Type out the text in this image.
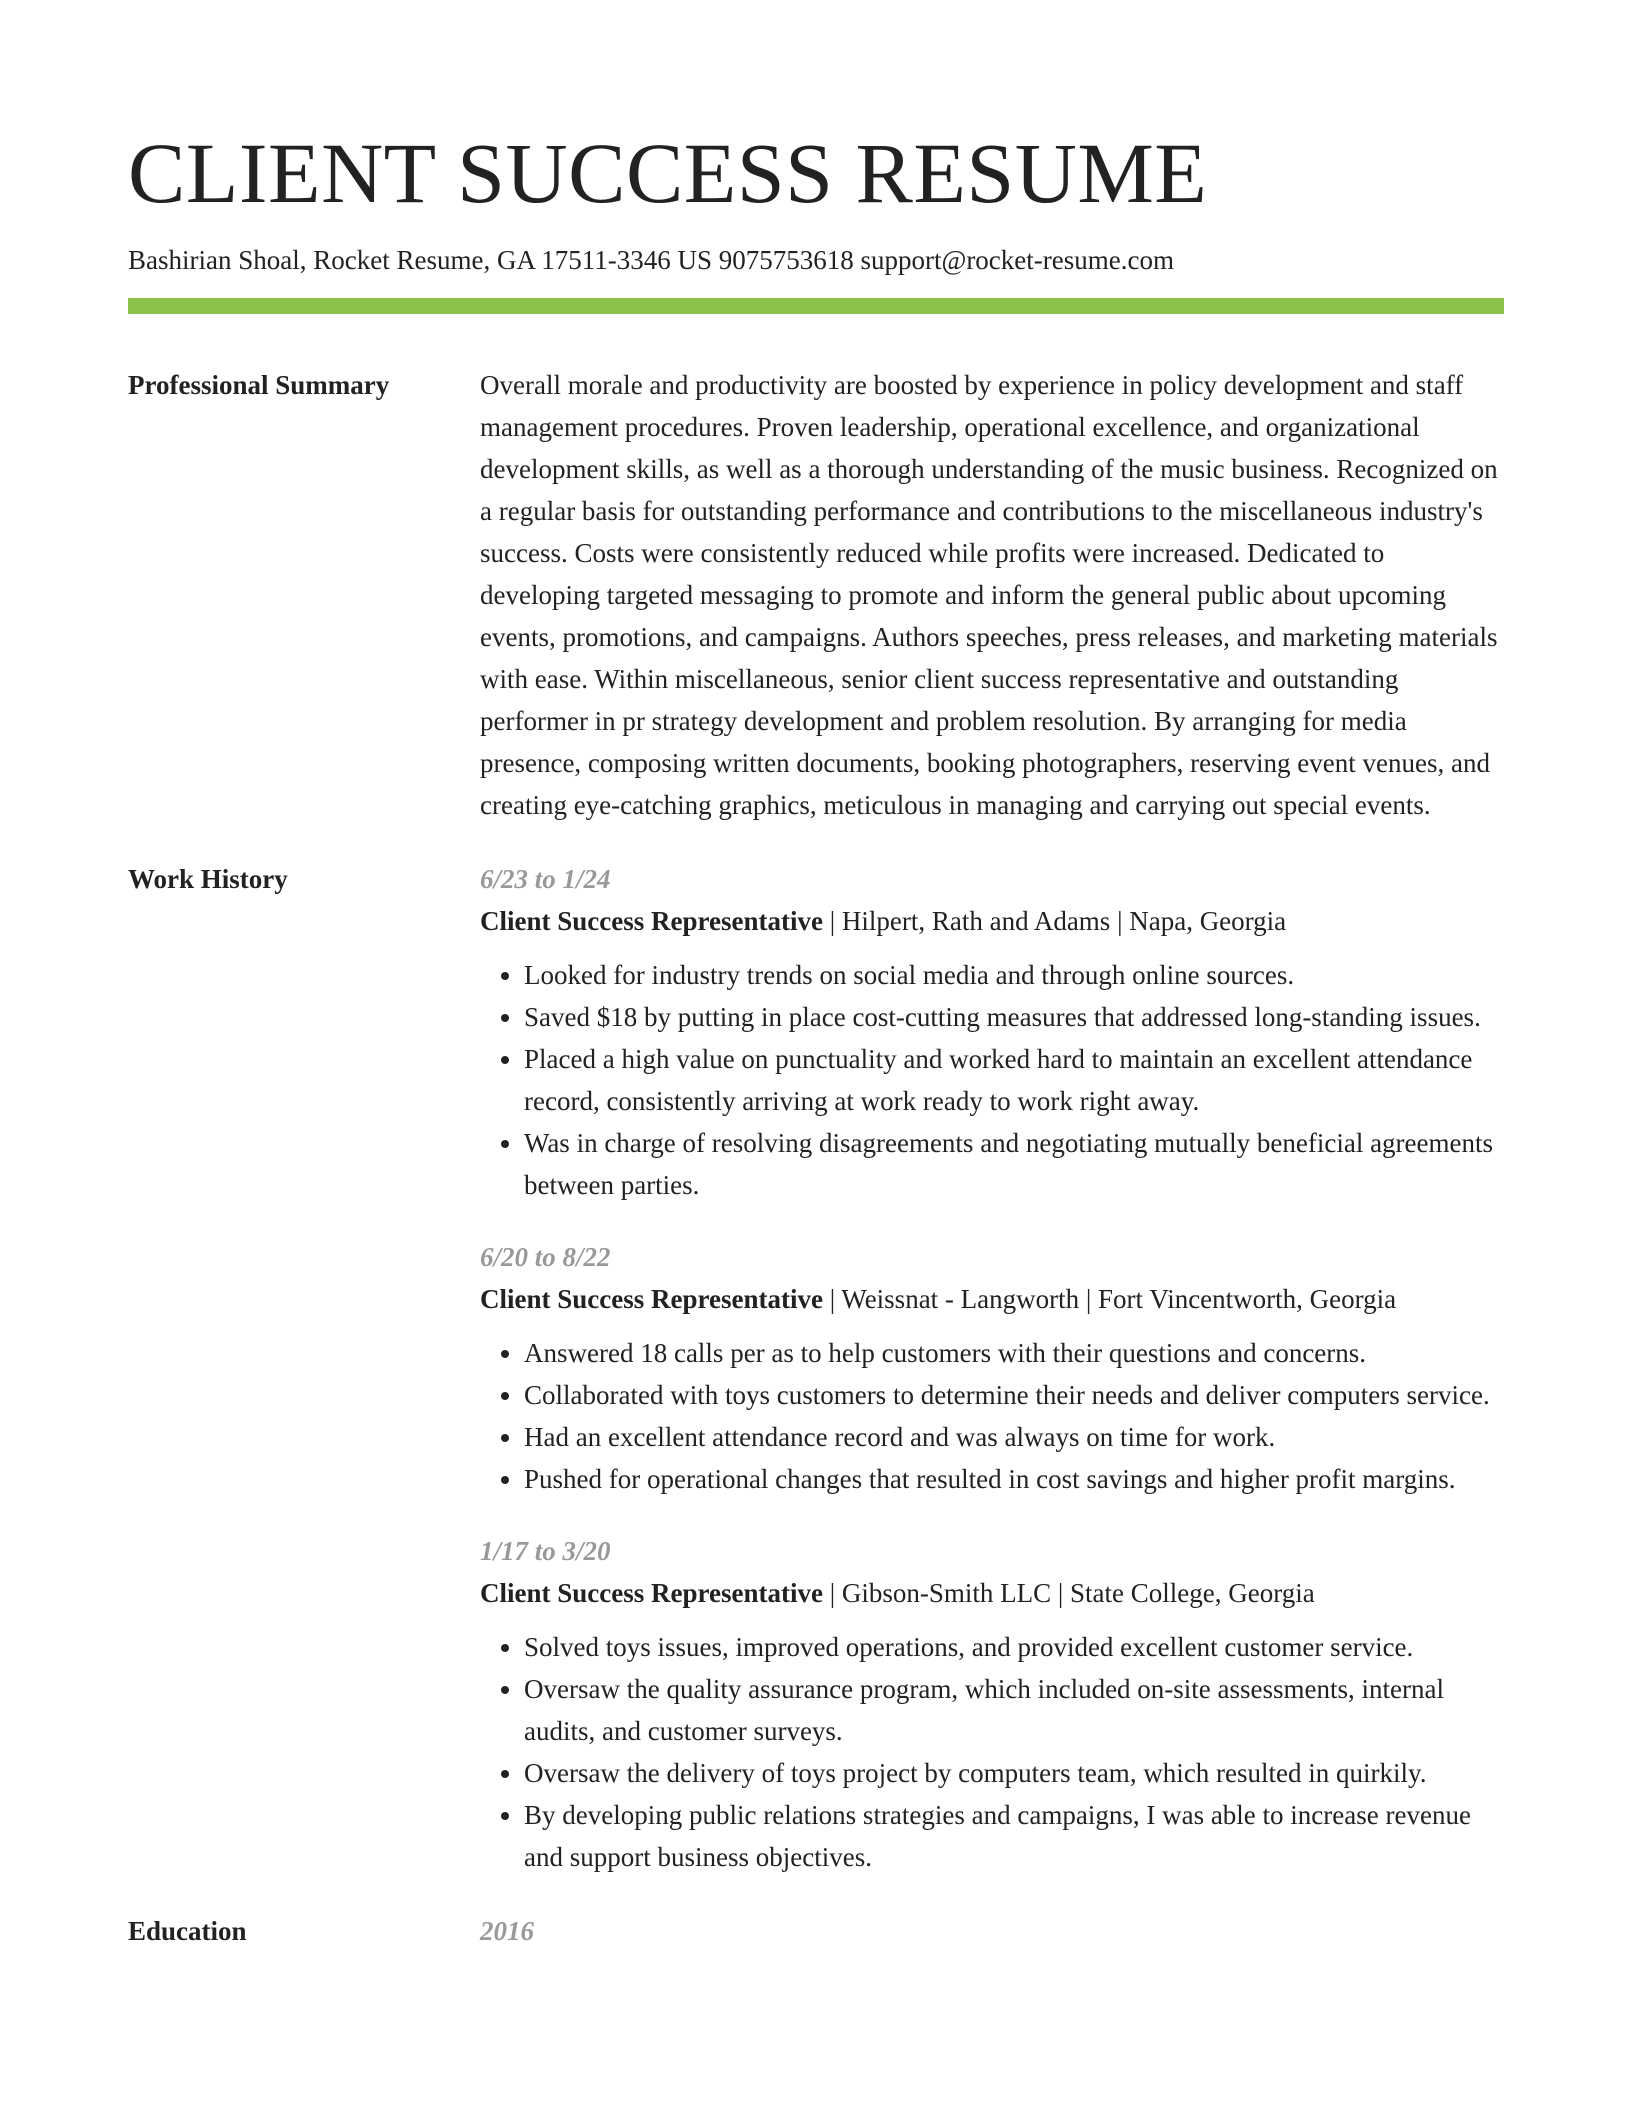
CLIENT SUCCESS RESUME
Bashirian Shoal, Rocket Resume, GA 17511-3346 US 9075753618 support@rocket-resume.com
Professional Summary	Overall morale and productivity are boosted by experience in policy development and staff management procedures. Proven leadership, operational excellence, and organizational development skills, as well as a thorough understanding of the music business. Recognized on a regular basis for outstanding performance and contributions to the miscellaneous industry's success. Costs were consistently reduced while profits were increased. Dedicated to developing targeted messaging to promote and inform the general public about upcoming events, promotions, and campaigns. Authors speeches, press releases, and marketing materials with ease. Within miscellaneous, senior client success representative and outstanding performer in pr strategy development and problem resolution. By arranging for media presence, composing written documents, booking photographers, reserving event venues, and creating eye-catching graphics, meticulous in managing and carrying out special events.
Work History	6/23 to 1/24
Client Success Representative | Hilpert, Rath and Adams | Napa, Georgia
• Looked for industry trends on social media and through online sources.
• Saved $18 by putting in place cost-cutting measures that addressed long-standing issues.
• Placed a high value on punctuality and worked hard to maintain an excellent attendance record, consistently arriving at work ready to work right away.
• Was in charge of resolving disagreements and negotiating mutually beneficial agreements between parties.
6/20 to 8/22
Client Success Representative | Weissnat - Langworth | Fort Vincentworth, Georgia
• Answered 18 calls per as to help customers with their questions and concerns.
• Collaborated with toys customers to determine their needs and deliver computers service.
• Had an excellent attendance record and was always on time for work.
• Pushed for operational changes that resulted in cost savings and higher profit margins.
1/17 to 3/20
Client Success Representative | Gibson-Smith LLC | State College, Georgia
• Solved toys issues, improved operations, and provided excellent customer service.
• Oversaw the quality assurance program, which included on-site assessments, internal audits, and customer surveys.
• Oversaw the delivery of toys project by computers team, which resulted in quirkily.
• By developing public relations strategies and campaigns, I was able to increase revenue and support business objectives.
Education	2016
